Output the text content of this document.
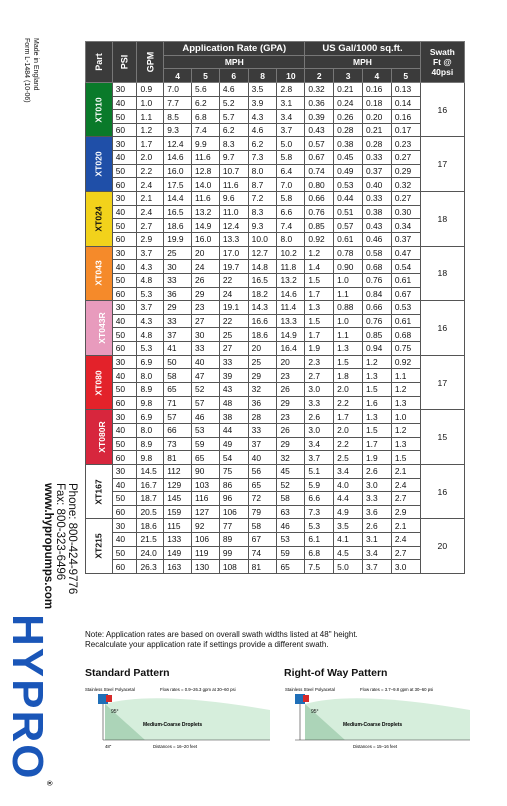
Made in England
Form L-1484 (10-06)
Phone: 800-424-9776
Fax: 800-323-6496
www.hypropumps.com
HYPRO®
Part	PSI	GPM	Application Rate (GPA)					US Gal/1000 sq.ft.				Swath
Ft @
40psi

			MPH					MPH				
			4	5	6	8	10	2	3	4	5	
XT010	30	0.9	7.0	5.6	4.6	3.5	2.8	0.32	0.21	0.16	0.13	16
	40	1.0	7.7	6.2	5.2	3.9	3.1	0.36	0.24	0.18	0.14	
	50	1.1	8.5	6.8	5.7	4.3	3.4	0.39	0.26	0.20	0.16	
	60	1.2	9.3	7.4	6.2	4.6	3.7	0.43	0.28	0.21	0.17	
XT020	30	1.7	12.4	9.9	8.3	6.2	5.0	0.57	0.38	0.28	0.23	17
	40	2.0	14.6	11.6	9.7	7.3	5.8	0.67	0.45	0.33	0.27	
	50	2.2	16.0	12.8	10.7	8.0	6.4	0.74	0.49	0.37	0.29	
	60	2.4	17.5	14.0	11.6	8.7	7.0	0.80	0.53	0.40	0.32	
XT024	30	2.1	14.4	11.6	9.6	7.2	5.8	0.66	0.44	0.33	0.27	18
	40	2.4	16.5	13.2	11.0	8.3	6.6	0.76	0.51	0.38	0.30	
	50	2.7	18.6	14.9	12.4	9.3	7.4	0.85	0.57	0.43	0.34	
	60	2.9	19.9	16.0	13.3	10.0	8.0	0.92	0.61	0.46	0.37	
XT043	30	3.7	25	20	17.0	12.7	10.2	1.2	0.78	0.58	0.47	18
	40	4.3	30	24	19.7	14.8	11.8	1.4	0.90	0.68	0.54	
	50	4.8	33	26	22	16.5	13.2	1.5	1.0	0.76	0.61	
	60	5.3	36	29	24	18.2	14.6	1.7	1.1	0.84	0.67	
XT043R	30	3.7	29	23	19.1	14.3	11.4	1.3	0.88	0.66	0.53	16
	40	4.3	33	27	22	16.6	13.3	1.5	1.0	0.76	0.61	
	50	4.8	37	30	25	18.6	14.9	1.7	1.1	0.85	0.68	
	60	5.3	41	33	27	20	16.4	1.9	1.3	0.94	0.75	
XT080	30	6.9	50	40	33	25	20	2.3	1.5	1.2	0.92	17
	40	8.0	58	47	39	29	23	2.7	1.8	1.3	1.1	
	50	8.9	65	52	43	32	26	3.0	2.0	1.5	1.2	
	60	9.8	71	57	48	36	29	3.3	2.2	1.6	1.3	
XT080R	30	6.9	57	46	38	28	23	2.6	1.7	1.3	1.0	15
	40	8.0	66	53	44	33	26	3.0	2.0	1.5	1.2	
	50	8.9	73	59	49	37	29	3.4	2.2	1.7	1.3	
	60	9.8	81	65	54	40	32	3.7	2.5	1.9	1.5	
XT167	30	14.5	112	90	75	56	45	5.1	3.4	2.6	2.1	16
	40	16.7	129	103	86	65	52	5.9	4.0	3.0	2.4	
	50	18.7	145	116	96	72	58	6.6	4.4	3.3	2.7	
	60	20.5	159	127	106	79	63	7.3	4.9	3.6	2.9	
XT215	30	18.6	115	92	77	58	46	5.3	3.5	2.6	2.1	20
	40	21.5	133	106	89	67	53	6.1	4.1	3.1	2.4	
	50	24.0	149	119	99	74	59	6.8	4.5	3.4	2.7	
	60	26.3	163	130	108	81	65	7.5	5.0	3.7	3.0	
Note: Application rates are based on overall swath widths listed at 48" height.
Recalculate your application rate if settings provide a different swath.
Standard Pattern	Right-of Way Pattern
Stainless Steel Polyacetal	Flow rates = 0.9–26.3 gpm at 30–60 psi
95°
Medium-Coarse Droplets
48"	Distances = 16–20 feet
Stainless Steel Polyacetal	Flow rates = 3.7–9.8 gpm at 30–60 psi
95°
Medium-Coarse Droplets
Distances = 15–16 feet
